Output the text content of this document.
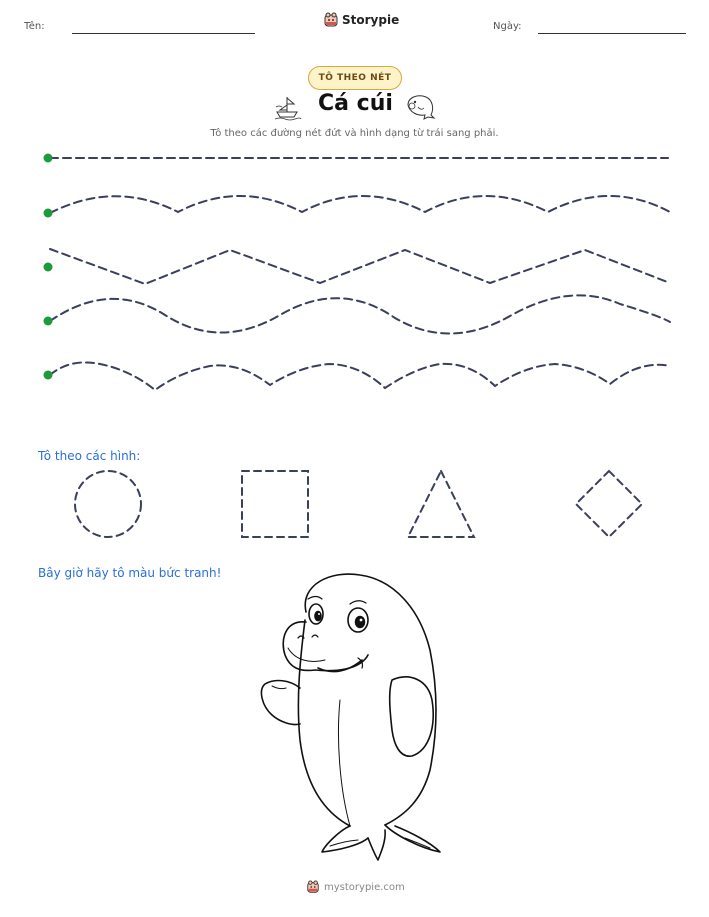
Tên:	Storypie	Ngày:
TÔ THEO NÉT
Cá cúi
Tô theo các đường nét đứt và hình dạng từ trái sang phải.
Tô theo các hình:
Bây giờ hãy tô màu bức tranh!
mystorypie.com
